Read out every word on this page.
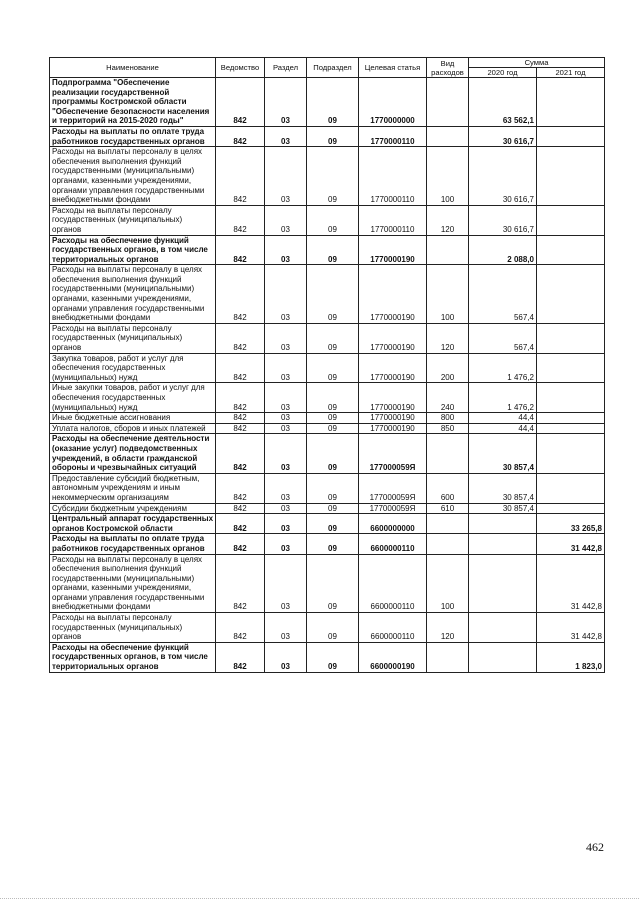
Наименование	Ведомство	Раздел	Подраздел	Целевая статья	Вид расходов	Сумма	
						2020 год	2021 год
Подпрограмма "Обеспечение реализации государственной программы Костромской области "Обеспечение безопасности населения и территорий на 2015-2020 годы"	842	03	09	1770000000		63 562,1	
Расходы на выплаты по оплате труда работников государственных органов	842	03	09	1770000110		30 616,7	
Расходы на выплаты персоналу в целях обеспечения выполнения функций государственными (муниципальными) органами, казенными учреждениями, органами управления государственными внебюджетными фондами	842	03	09	1770000110	100	30 616,7	
Расходы на выплаты персоналу государственных (муниципальных) органов	842	03	09	1770000110	120	30 616,7	
Расходы на обеспечение функций государственных органов, в том числе территориальных органов	842	03	09	1770000190		2 088,0	
Расходы на выплаты персоналу в целях обеспечения выполнения функций государственными (муниципальными) органами, казенными учреждениями, органами управления государственными внебюджетными фондами	842	03	09	1770000190	100	567,4	
Расходы на выплаты персоналу государственных (муниципальных) органов	842	03	09	1770000190	120	567,4	
Закупка товаров, работ и услуг для обеспечения государственных (муниципальных) нужд	842	03	09	1770000190	200	1 476,2	
Иные закупки товаров, работ и услуг для обеспечения государственных (муниципальных) нужд	842	03	09	1770000190	240	1 476,2	
Иные бюджетные ассигнования	842	03	09	1770000190	800	44,4	
Уплата налогов, сборов и иных платежей	842	03	09	1770000190	850	44,4	
Расходы на обеспечение деятельности (оказание услуг) подведомственных учреждений, в области гражданской обороны и чрезвычайных ситуаций	842	03	09	177000059Я		30 857,4	
Предоставление субсидий бюджетным, автономным учреждениям и иным некоммерческим организациям	842	03	09	177000059Я	600	30 857,4	
Субсидии бюджетным учреждениям	842	03	09	177000059Я	610	30 857,4	
Центральный аппарат государственных органов Костромской области	842	03	09	6600000000			33 265,8
Расходы на выплаты по оплате труда работников государственных органов	842	03	09	6600000110			31 442,8
Расходы на выплаты персоналу в целях обеспечения выполнения функций государственными (муниципальными) органами, казенными учреждениями, органами управления государственными внебюджетными фондами	842	03	09	6600000110	100		31 442,8
Расходы на выплаты персоналу государственных (муниципальных) органов	842	03	09	6600000110	120		31 442,8
Расходы на обеспечение функций государственных органов, в том числе территориальных органов	842	03	09	6600000190			1 823,0
462
